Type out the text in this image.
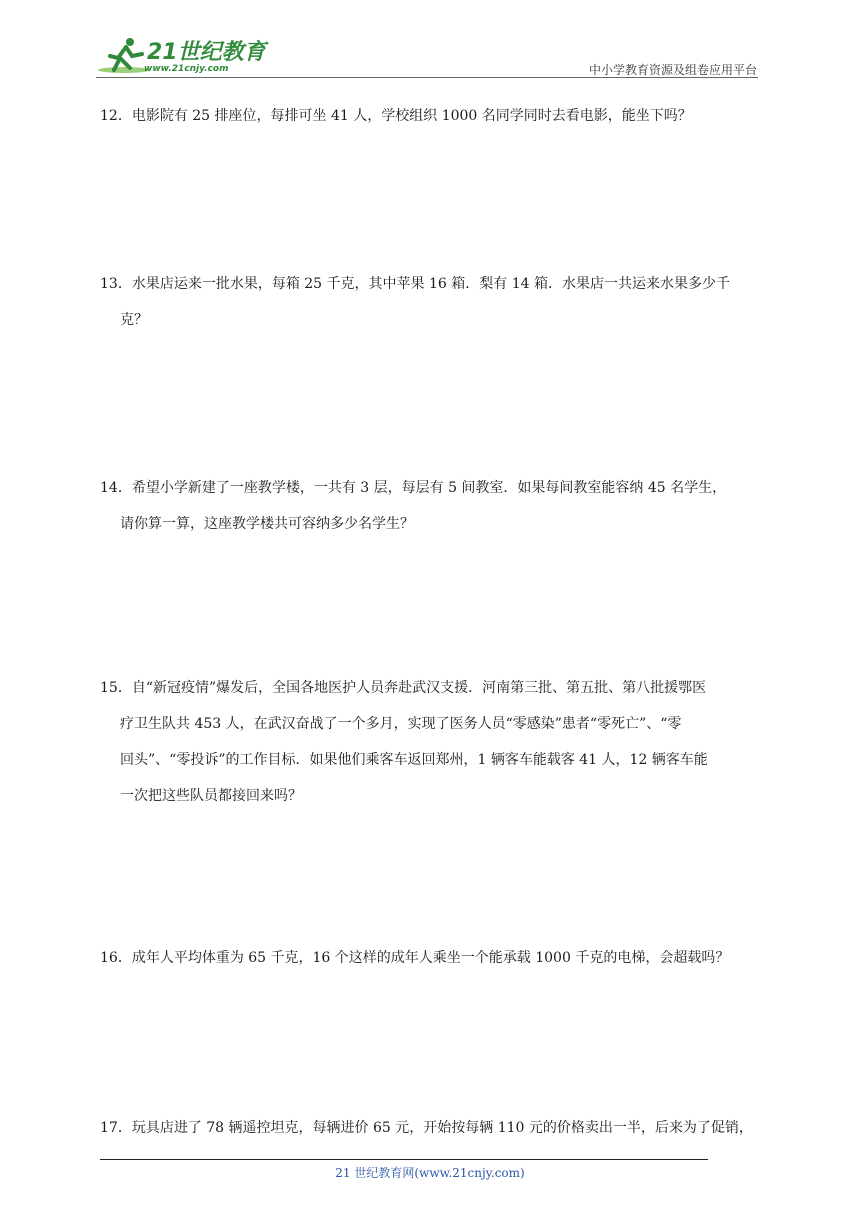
21世纪教育
www.21cnjy.com	中小学教育资源及组卷应用平台
12．电影院有 25 排座位，每排可坐 41 人，学校组织 1000 名同学同时去看电影，能坐下吗？
13．水果店运来一批水果，每箱 25 千克，其中苹果 16 箱．梨有 14 箱．水果店一共运来水果多少千
克？
14．希望小学新建了一座教学楼，一共有 3 层，每层有 5 间教室．如果每间教室能容纳 45 名学生，
请你算一算，这座教学楼共可容纳多少名学生？
15．自“新冠疫情”爆发后，全国各地医护人员奔赴武汉支援．河南第三批、第五批、第八批援鄂医
疗卫生队共 453 人，在武汉奋战了一个多月，实现了医务人员“零感染”患者“零死亡”、“零
回头”、“零投诉”的工作目标．如果他们乘客车返回郑州，1 辆客车能载客 41 人，12 辆客车能
一次把这些队员都接回来吗？
16．成年人平均体重为 65 千克，16 个这样的成年人乘坐一个能承载 1000 千克的电梯，会超载吗？
17．玩具店进了 78 辆遥控坦克，每辆进价 65 元，开始按每辆 110 元的价格卖出一半，后来为了促销，
21 世纪教育网(www.21cnjy.com)
